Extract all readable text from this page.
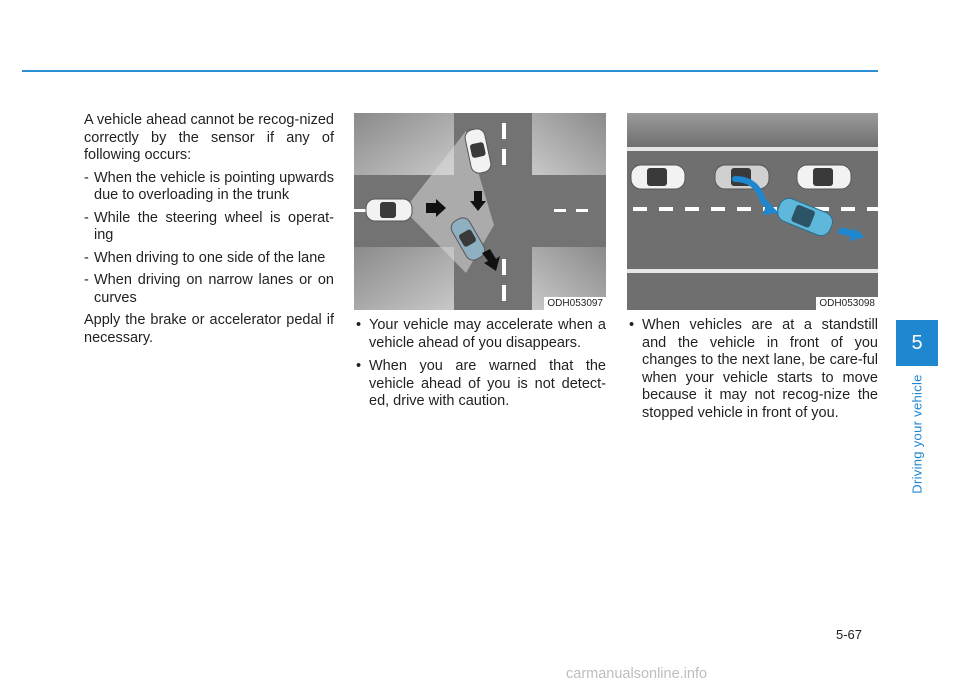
A vehicle ahead cannot be recog-nized correctly by the sensor if any of following occurs:

- When the vehicle is pointing upwards due to overloading in the trunk
- While the steering wheel is operat-ing
- When driving to one side of the lane
- When driving on narrow lanes or on curves

Apply the brake or accelerator pedal if necessary.

ODH053097
• Your vehicle may accelerate when a vehicle ahead of you disappears.
• When you are warned that the vehicle ahead of you is not detect-ed, drive with caution.
ODH053098
• When vehicles are at a standstill and the vehicle in front of you changes to the next lane, be care-ful when your vehicle starts to move because it may not recog-nize the stopped vehicle in front of you.
5
Driving your vehicle
5-67
carmanualsonline.info
